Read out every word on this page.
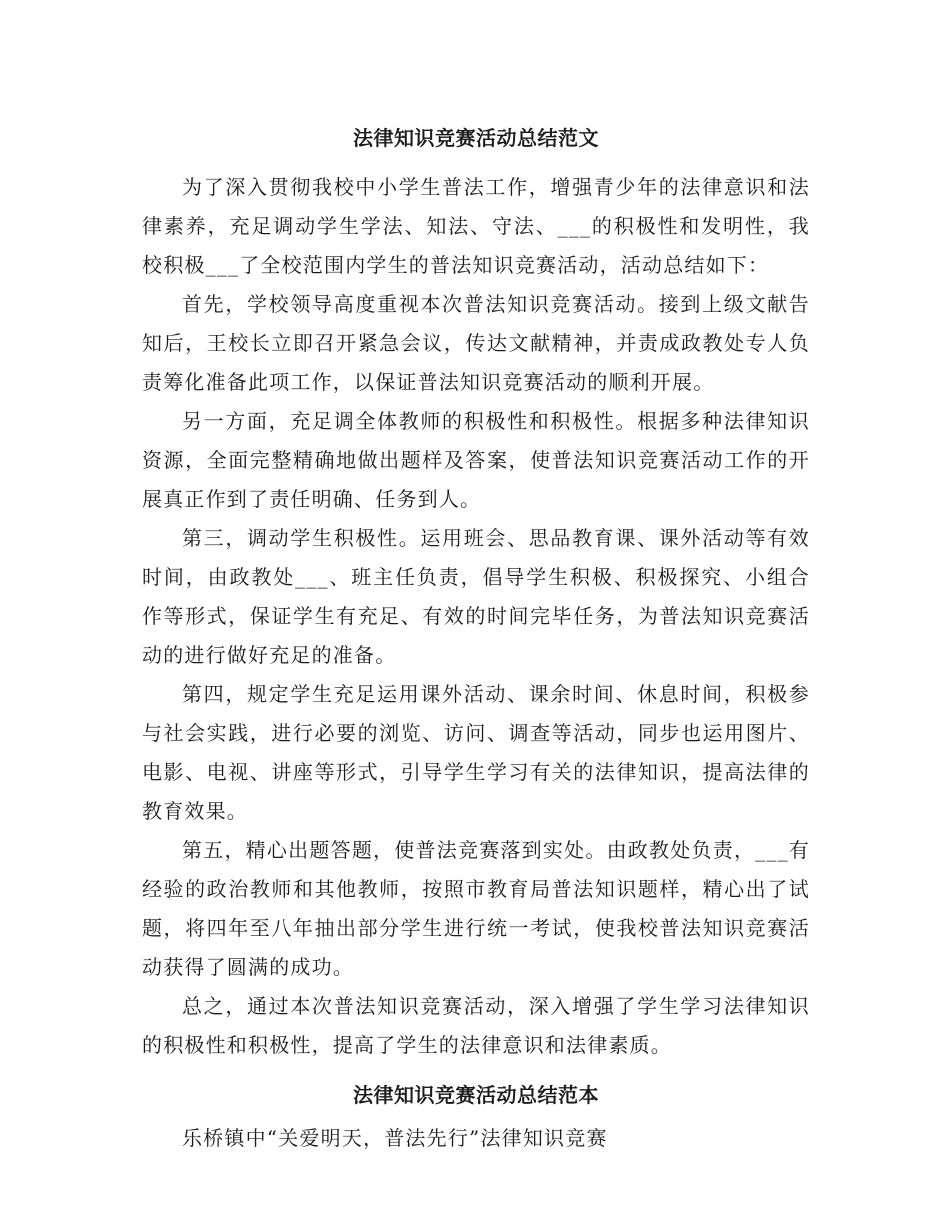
法律知识竞赛活动总结范文

为了深入贯彻我校中小学生普法工作，增强青少年的法律意识和法律素养，充足调动学生学法、知法、守法、___的积极性和发明性，我校积极___了全校范围内学生的普法知识竞赛活动，活动总结如下：

首先，学校领导高度重视本次普法知识竞赛活动。接到上级文献告知后，王校长立即召开紧急会议，传达文献精神，并责成政教处专人负责筹化准备此项工作，以保证普法知识竞赛活动的顺利开展。

另一方面，充足调全体教师的积极性和积极性。根据多种法律知识资源，全面完整精确地做出题样及答案，使普法知识竞赛活动工作的开展真正作到了责任明确、任务到人。

第三，调动学生积极性。运用班会、思品教育课、课外活动等有效时间，由政教处___、班主任负责，倡导学生积极、积极探究、小组合作等形式，保证学生有充足、有效的时间完毕任务，为普法知识竞赛活动的进行做好充足的准备。

第四，规定学生充足运用课外活动、课余时间、休息时间，积极参与社会实践，进行必要的浏览、访问、调查等活动，同步也运用图片、电影、电视、讲座等形式，引导学生学习有关的法律知识，提高法律的教育效果。

第五，精心出题答题，使普法竞赛落到实处。由政教处负责，___有经验的政治教师和其他教师，按照市教育局普法知识题样，精心出了试题，将四年至八年抽出部分学生进行统一考试，使我校普法知识竞赛活动获得了圆满的成功。

总之，通过本次普法知识竞赛活动，深入增强了学生学习法律知识的积极性和积极性，提高了学生的法律意识和法律素质。

法律知识竞赛活动总结范本

乐桥镇中“关爱明天，普法先行”法律知识竞赛
